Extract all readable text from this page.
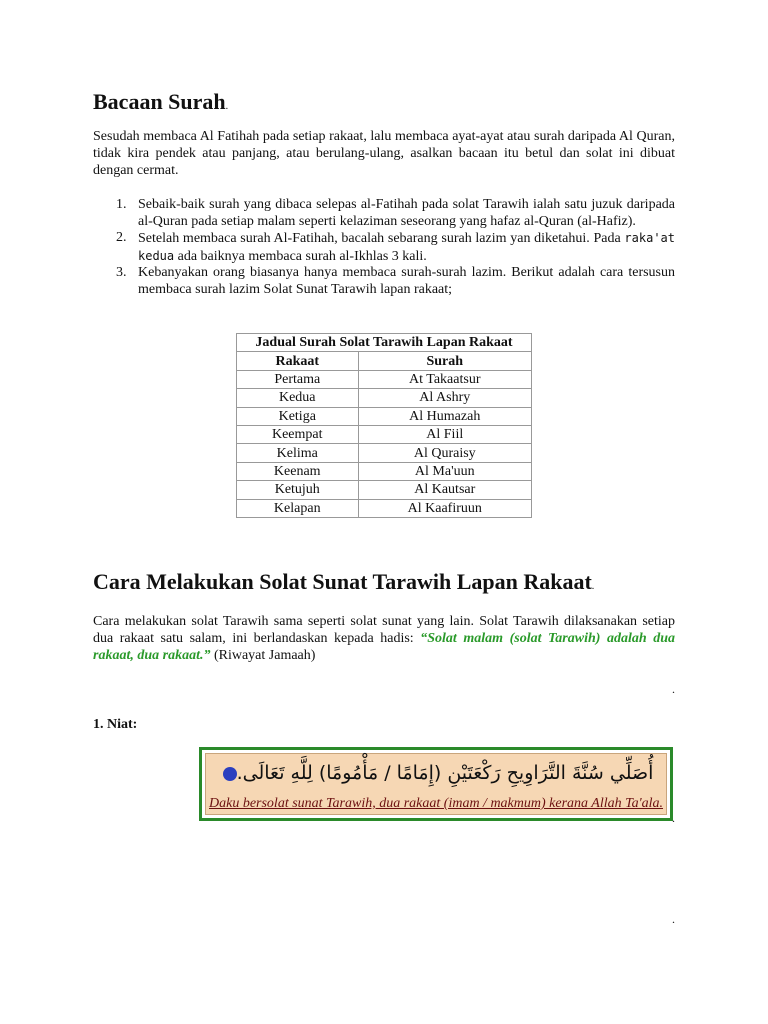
Bacaan Surah.

Sesudah membaca Al Fatihah pada setiap rakaat, lalu membaca ayat-ayat atau surah daripada Al Quran, tidak kira pendek atau panjang, atau berulang-ulang, asalkan bacaan itu betul dan solat ini dibuat dengan cermat.

1. Sebaik-baik surah yang dibaca selepas al-Fatihah pada solat Tarawih ialah satu juzuk daripada al-Quran pada setiap malam seperti kelaziman seseorang yang hafaz al-Quran (al-Hafiz).
2. Setelah membaca surah Al-Fatihah, bacalah sebarang surah lazim yan diketahui. Pada raka'at kedua ada baiknya membaca surah al-Ikhlas 3 kali.
3. Kebanyakan orang biasanya hanya membaca surah-surah lazim. Berikut adalah cara tersusun membaca surah lazim Solat Sunat Tarawih lapan rakaat;
Jadual Surah Solat Tarawih Lapan Rakaat	
Rakaat	Surah
Pertama	At Takaatsur
Kedua	Al Ashry
Ketiga	Al Humazah
Keempat	Al Fiil
Kelima	Al Quraisy
Keenam	Al Ma'uun
Ketujuh	Al Kautsar
Kelapan	Al Kaafiruun
Cara Melakukan Solat Sunat Tarawih Lapan Rakaat.

Cara melakukan solat Tarawih sama seperti solat sunat yang lain. Solat Tarawih dilaksanakan setiap dua rakaat satu salam, ini berlandaskan kepada hadis: “Solat malam (solat Tarawih) adalah dua rakaat, dua rakaat.” (Riwayat Jamaah)

.
1. Niat:
أُصَلِّي سُنَّةَ التَّرَاوِيحِ رَكْعَتَيْنِ (إِمَامًا / مَأْمُومًا) لِلَّهِ تَعَالَى.
Daku bersolat sunat Tarawih, dua rakaat (imam / makmum) kerana Allah Ta'ala.
.
.
